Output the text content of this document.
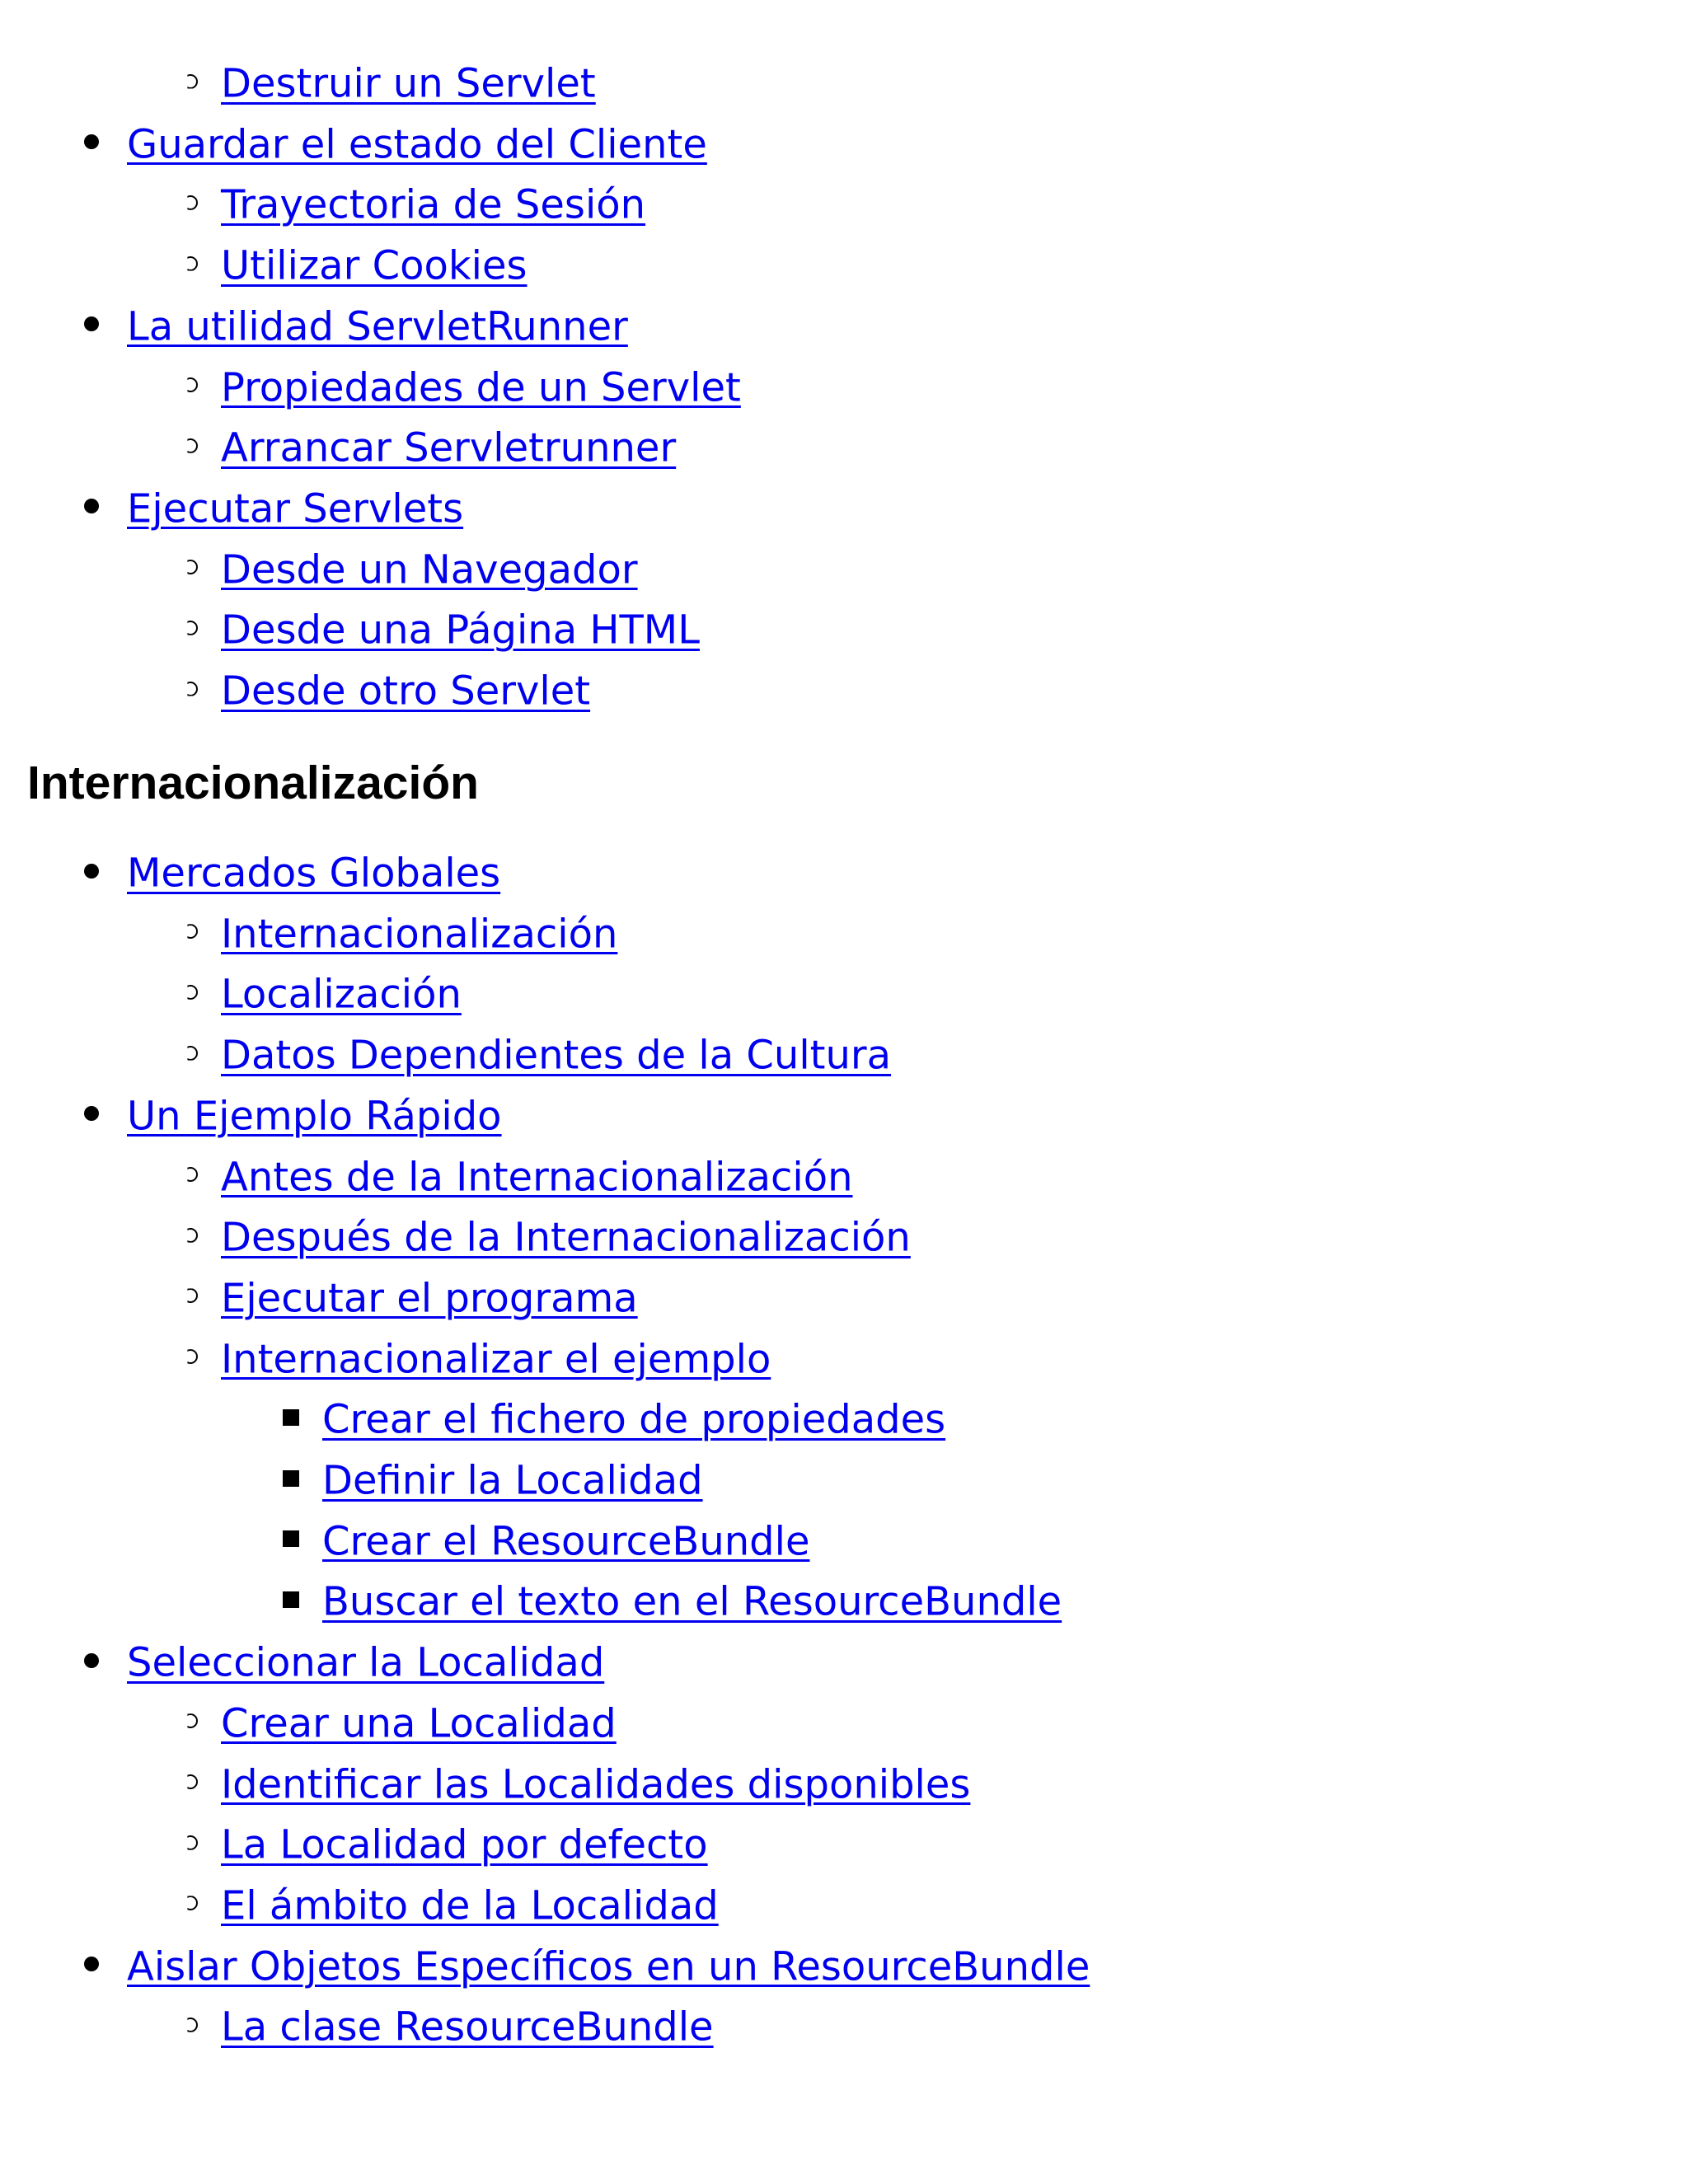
Destruir un Servlet
Guardar el estado del Cliente
Trayectoria de Sesión
Utilizar Cookies
La utilidad ServletRunner
Propiedades de un Servlet
Arrancar Servletrunner
Ejecutar Servlets
Desde un Navegador
Desde una Página HTML
Desde otro Servlet
Internacionalización
Mercados Globales
Internacionalización
Localización
Datos Dependientes de la Cultura
Un Ejemplo Rápido
Antes de la Internacionalización
Después de la Internacionalización
Ejecutar el programa
Internacionalizar el ejemplo
Crear el fichero de propiedades
Definir la Localidad
Crear el ResourceBundle
Buscar el texto en el ResourceBundle
Seleccionar la Localidad
Crear una Localidad
Identificar las Localidades disponibles
La Localidad por defecto
El ámbito de la Localidad
Aislar Objetos Específicos en un ResourceBundle
La clase ResourceBundle
